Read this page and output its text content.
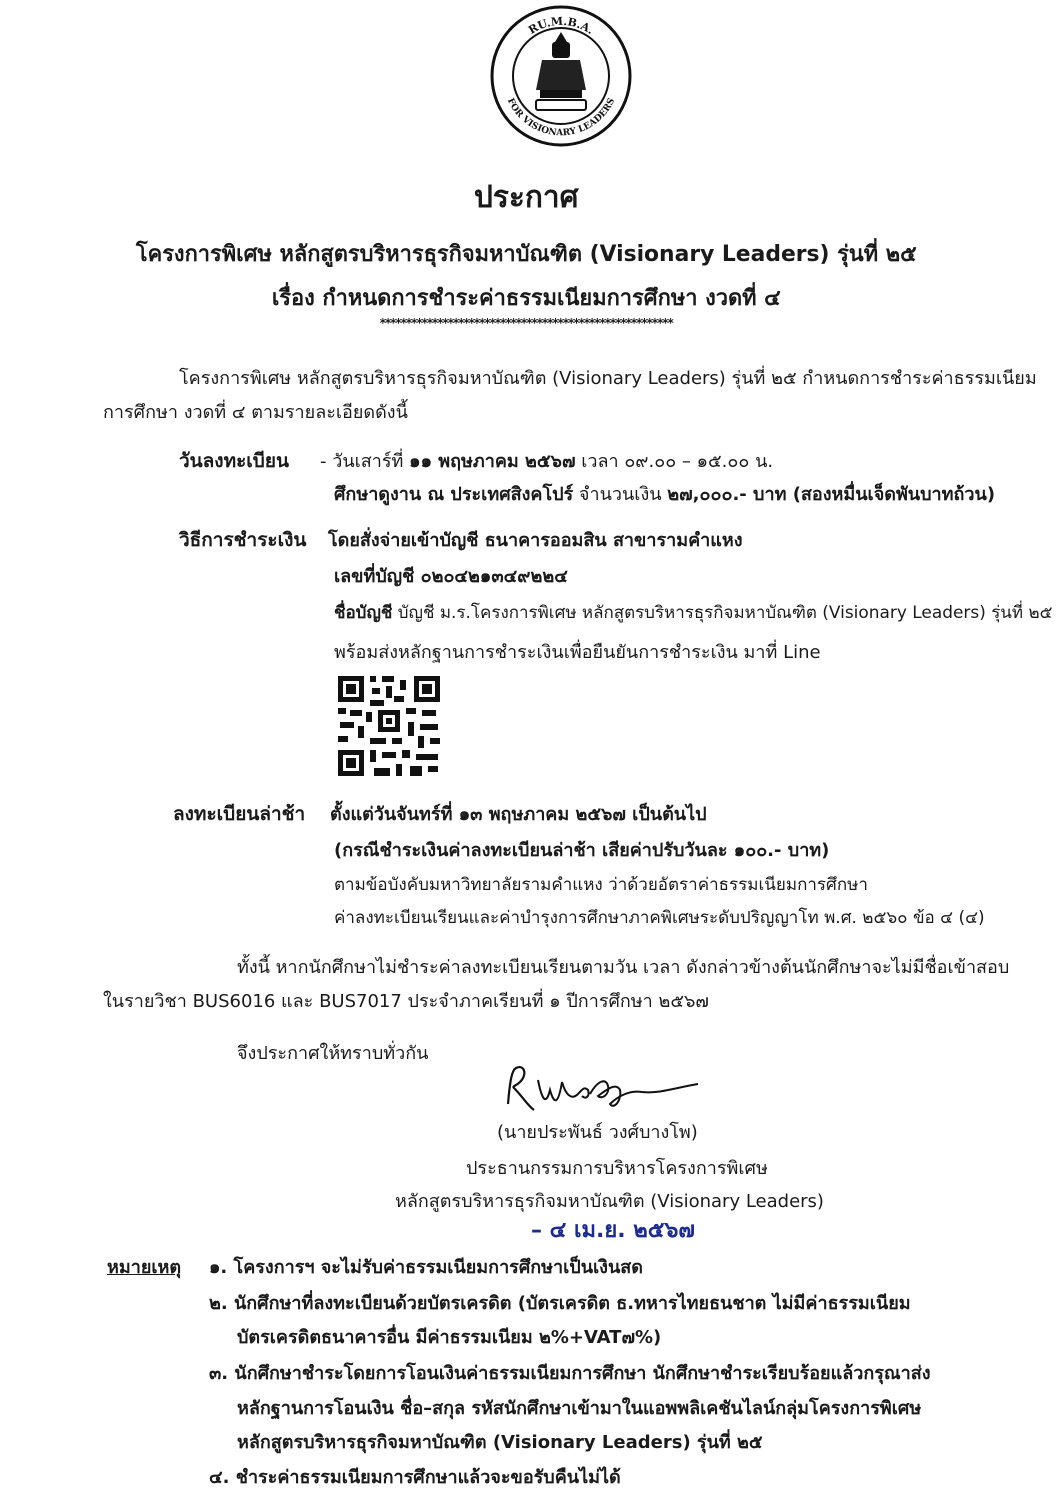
RU.M.B.A.
FOR VISIONARY LEADERS
ประกาศ
โครงการพิเศษ หลักสูตรบริหารธุรกิจมหาบัณฑิต (Visionary Leaders) รุ่นที่ ๒๕
เรื่อง กำหนดการชำระค่าธรรมเนียมการศึกษา งวดที่ ๔
********************************************************
โครงการพิเศษ หลักสูตรบริหารธุรกิจมหาบัณฑิต (Visionary Leaders) รุ่นที่ ๒๕ กำหนดการชำระค่าธรรมเนียม
การศึกษา งวดที่ ๔ ตามรายละเอียดดังนี้
วันลงทะเบียน - วันเสาร์ที่ ๑๑ พฤษภาคม ๒๕๖๗ เวลา ๐๙.๐๐ – ๑๕.๐๐ น.
ศึกษาดูงาน ณ ประเทศสิงคโปร์ จำนวนเงิน ๒๗,๐๐๐.- บาท (สองหมื่นเจ็ดพันบาทถ้วน)
วิธีการชำระเงิน โดยสั่งจ่ายเข้าบัญชี ธนาคารออมสิน สาขารามคำแหง
เลขที่บัญชี ๐๒๐๔๒๑๓๔๙๒๒๔
ชื่อบัญชี บัญชี ม.ร.โครงการพิเศษ หลักสูตรบริหารธุรกิจมหาบัณฑิต (Visionary Leaders) รุ่นที่ ๒๕
พร้อมส่งหลักฐานการชำระเงินเพื่อยืนยันการชำระเงิน มาที่ Line
ลงทะเบียนล่าช้า ตั้งแต่วันจันทร์ที่ ๑๓ พฤษภาคม ๒๕๖๗ เป็นต้นไป
(กรณีชำระเงินค่าลงทะเบียนล่าช้า เสียค่าปรับวันละ ๑๐๐.- บาท)
ตามข้อบังคับมหาวิทยาลัยรามคำแหง ว่าด้วยอัตราค่าธรรมเนียมการศึกษา
ค่าลงทะเบียนเรียนและค่าบำรุงการศึกษาภาคพิเศษระดับปริญญาโท พ.ศ. ๒๕๖๐ ข้อ ๔ (๔)
ทั้งนี้ หากนักศึกษาไม่ชำระค่าลงทะเบียนเรียนตามวัน เวลา ดังกล่าวข้างต้นนักศึกษาจะไม่มีชื่อเข้าสอบ
ในรายวิชา BUS6016 และ BUS7017 ประจำภาคเรียนที่ ๑ ปีการศึกษา ๒๕๖๗
จึงประกาศให้ทราบทั่วกัน
(นายประพันธ์ วงศ์บางโพ)
ประธานกรรมการบริหารโครงการพิเศษ
หลักสูตรบริหารธุรกิจมหาบัณฑิต (Visionary Leaders)
– ๔ เม.ย. ๒๕๖๗
หมายเหตุ ๑. โครงการฯ จะไม่รับค่าธรรมเนียมการศึกษาเป็นเงินสด
๒. นักศึกษาที่ลงทะเบียนด้วยบัตรเครดิต (บัตรเครดิต ธ.ทหารไทยธนชาต ไม่มีค่าธรรมเนียม
บัตรเครดิตธนาคารอื่น มีค่าธรรมเนียม ๒%+VAT๗%)
๓. นักศึกษาชำระโดยการโอนเงินค่าธรรมเนียมการศึกษา นักศึกษาชำระเรียบร้อยแล้วกรุณาส่ง
หลักฐานการโอนเงิน ชื่อ–สกุล รหัสนักศึกษาเข้ามาในแอพพลิเคชันไลน์กลุ่มโครงการพิเศษ
หลักสูตรบริหารธุรกิจมหาบัณฑิต (Visionary Leaders) รุ่นที่ ๒๕
๔. ชำระค่าธรรมเนียมการศึกษาแล้วจะขอรับคืนไม่ได้
